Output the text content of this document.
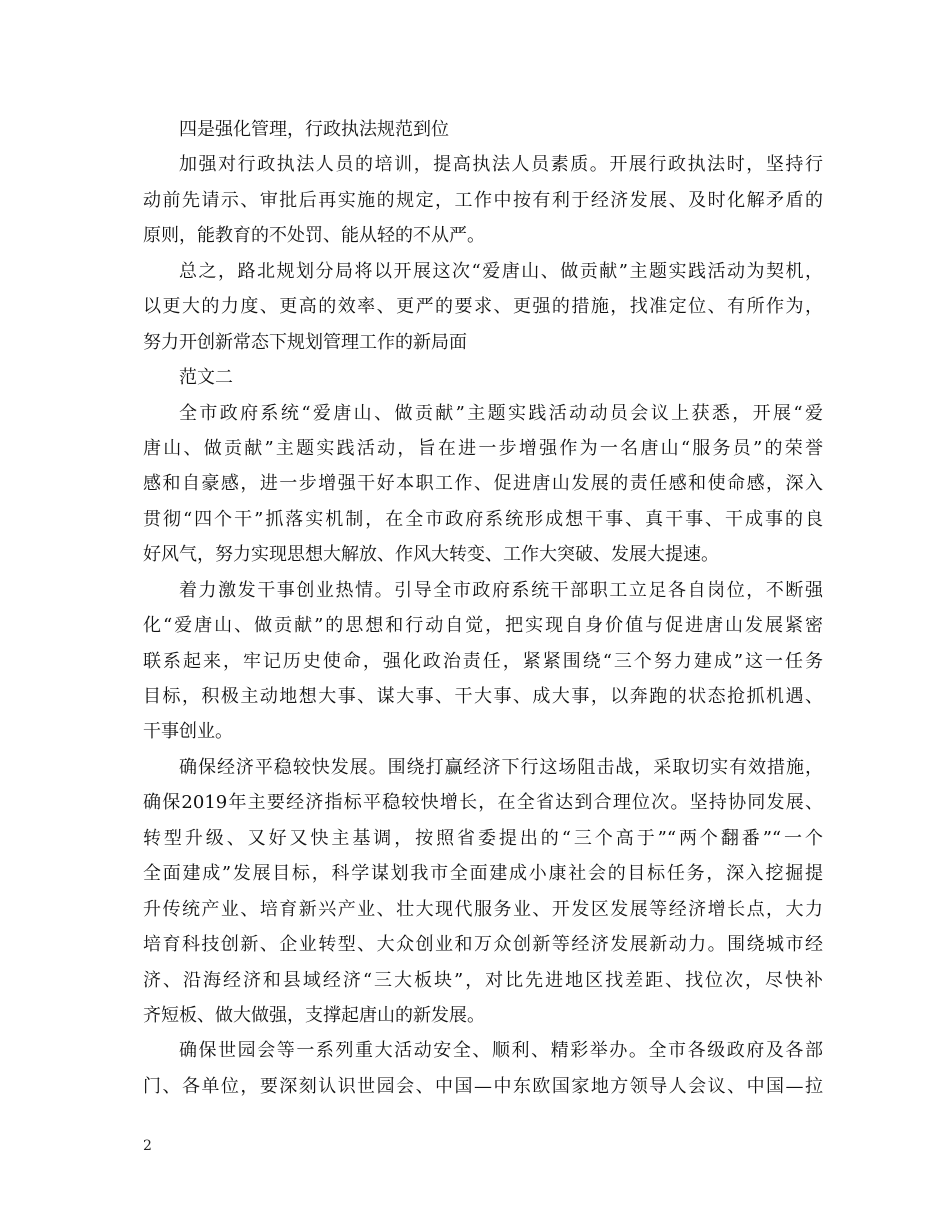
四是强化管理，行政执法规范到位
加强对行政执法人员的培训，提高执法人员素质。开展行政执法时，坚持行
动前先请示、审批后再实施的规定，工作中按有利于经济发展、及时化解矛盾的
原则，能教育的不处罚、能从轻的不从严。
总之，路北规划分局将以开展这次“爱唐山、做贡献”主题实践活动为契机，
以更大的力度、更高的效率、更严的要求、更强的措施，找准定位、有所作为，
努力开创新常态下规划管理工作的新局面
范文二
全市政府系统“爱唐山、做贡献”主题实践活动动员会议上获悉，开展“爱
唐山、做贡献”主题实践活动，旨在进一步增强作为一名唐山“服务员”的荣誉
感和自豪感，进一步增强干好本职工作、促进唐山发展的责任感和使命感，深入
贯彻“四个干”抓落实机制，在全市政府系统形成想干事、真干事、干成事的良
好风气，努力实现思想大解放、作风大转变、工作大突破、发展大提速。
着力激发干事创业热情。引导全市政府系统干部职工立足各自岗位，不断强
化“爱唐山、做贡献”的思想和行动自觉，把实现自身价值与促进唐山发展紧密
联系起来，牢记历史使命，强化政治责任，紧紧围绕“三个努力建成”这一任务
目标，积极主动地想大事、谋大事、干大事、成大事，以奔跑的状态抢抓机遇、
干事创业。
确保经济平稳较快发展。围绕打赢经济下行这场阻击战，采取切实有效措施，
确保2019年主要经济指标平稳较快增长，在全省达到合理位次。坚持协同发展、
转型升级、又好又快主基调，按照省委提出的“三个高于”“两个翻番”“一个
全面建成”发展目标，科学谋划我市全面建成小康社会的目标任务，深入挖掘提
升传统产业、培育新兴产业、壮大现代服务业、开发区发展等经济增长点，大力
培育科技创新、企业转型、大众创业和万众创新等经济发展新动力。围绕城市经
济、沿海经济和县域经济“三大板块”，对比先进地区找差距、找位次，尽快补
齐短板、做大做强，支撑起唐山的新发展。
确保世园会等一系列重大活动安全、顺利、精彩举办。全市各级政府及各部
门、各单位，要深刻认识世园会、中国—中东欧国家地方领导人会议、中国—拉
2
